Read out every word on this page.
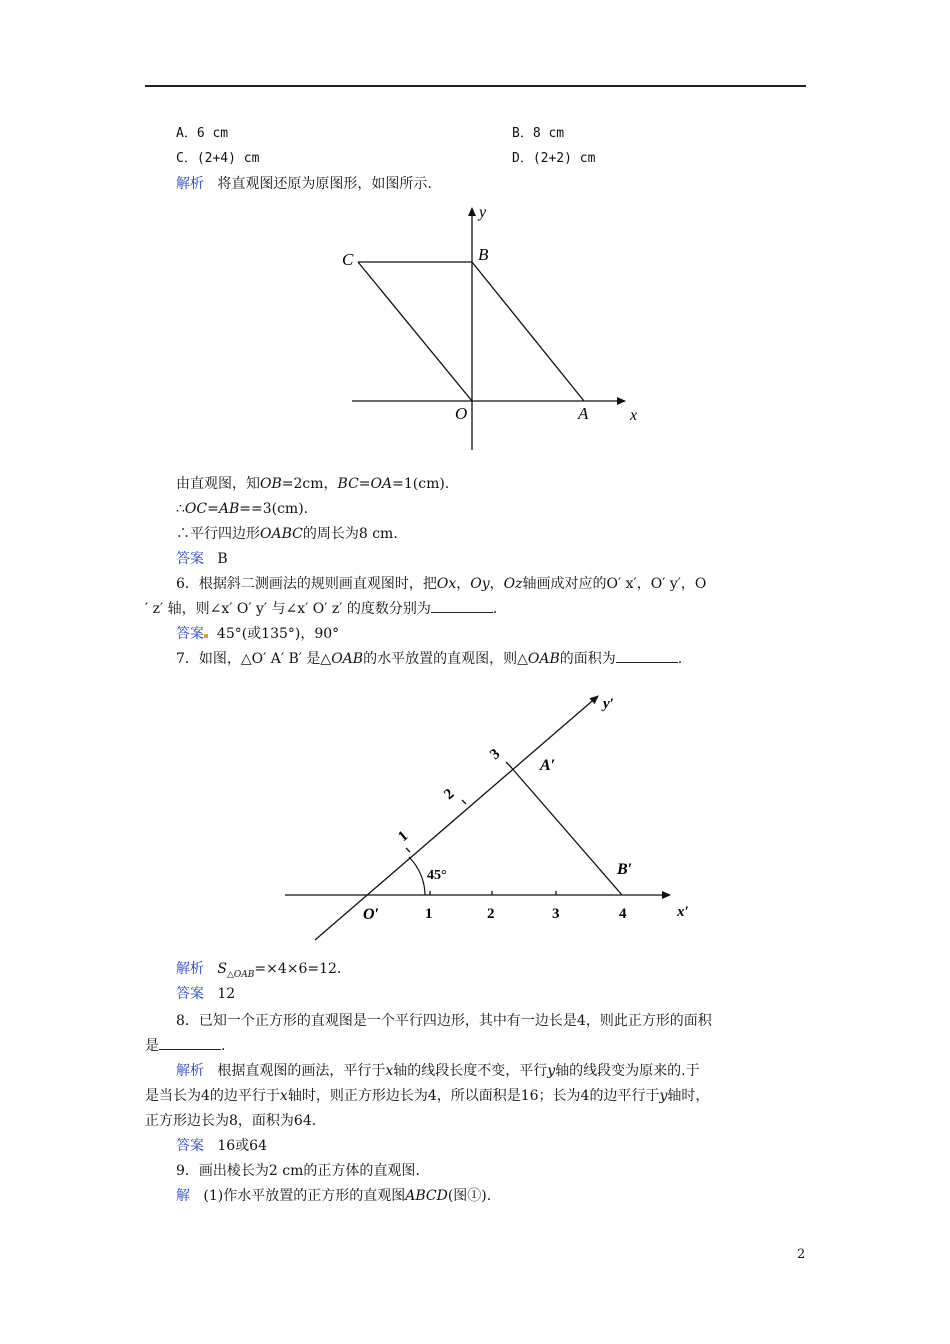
A．6 cm	B．8 cm
C．(2+4) cm	D．(2+2) cm
解析 将直观图还原为原图形，如图所示.
y
x
C	B
O	A
由直观图，知OB=2cm，BC=OA=1(cm).
∴OC=AB==3(cm).
∴平行四边形OABC的周长为8 cm.
答案 B
6．根据斜二测画法的规则画直观图时，把Ox，Oy，Oz轴画成对应的O′ x′，O′ y′，O
′ z′ 轴，则∠x′ O′ y′ 与∠x′ O′ z′ 的度数分别为	.
答案 45°(或135°)，90°
7．如图，△O′ A′ B′ 是△OAB的水平放置的直观图，则△OAB的面积为	.
45°
O′	1	2	3	4	x′
y′
A′
B′
1
2
3
解析 $S_{\triangle OAB}=\times 4\times 6=12$.
答案 12
8．已知一个正方形的直观图是一个平行四边形，其中有一边长是4，则此正方形的面积
是	.
解析 根据直观图的画法，平行于x轴的线段长度不变，平行y轴的线段变为原来的.于
是当长为4的边平行于x轴时，则正方形边长为4，所以面积是16；长为4的边平行于y轴时，
正方形边长为8，面积为64.
答案 16或64
9．画出棱长为2 cm的正方体的直观图.
解 (1)作水平放置的正方形的直观图ABCD(图①).
2
